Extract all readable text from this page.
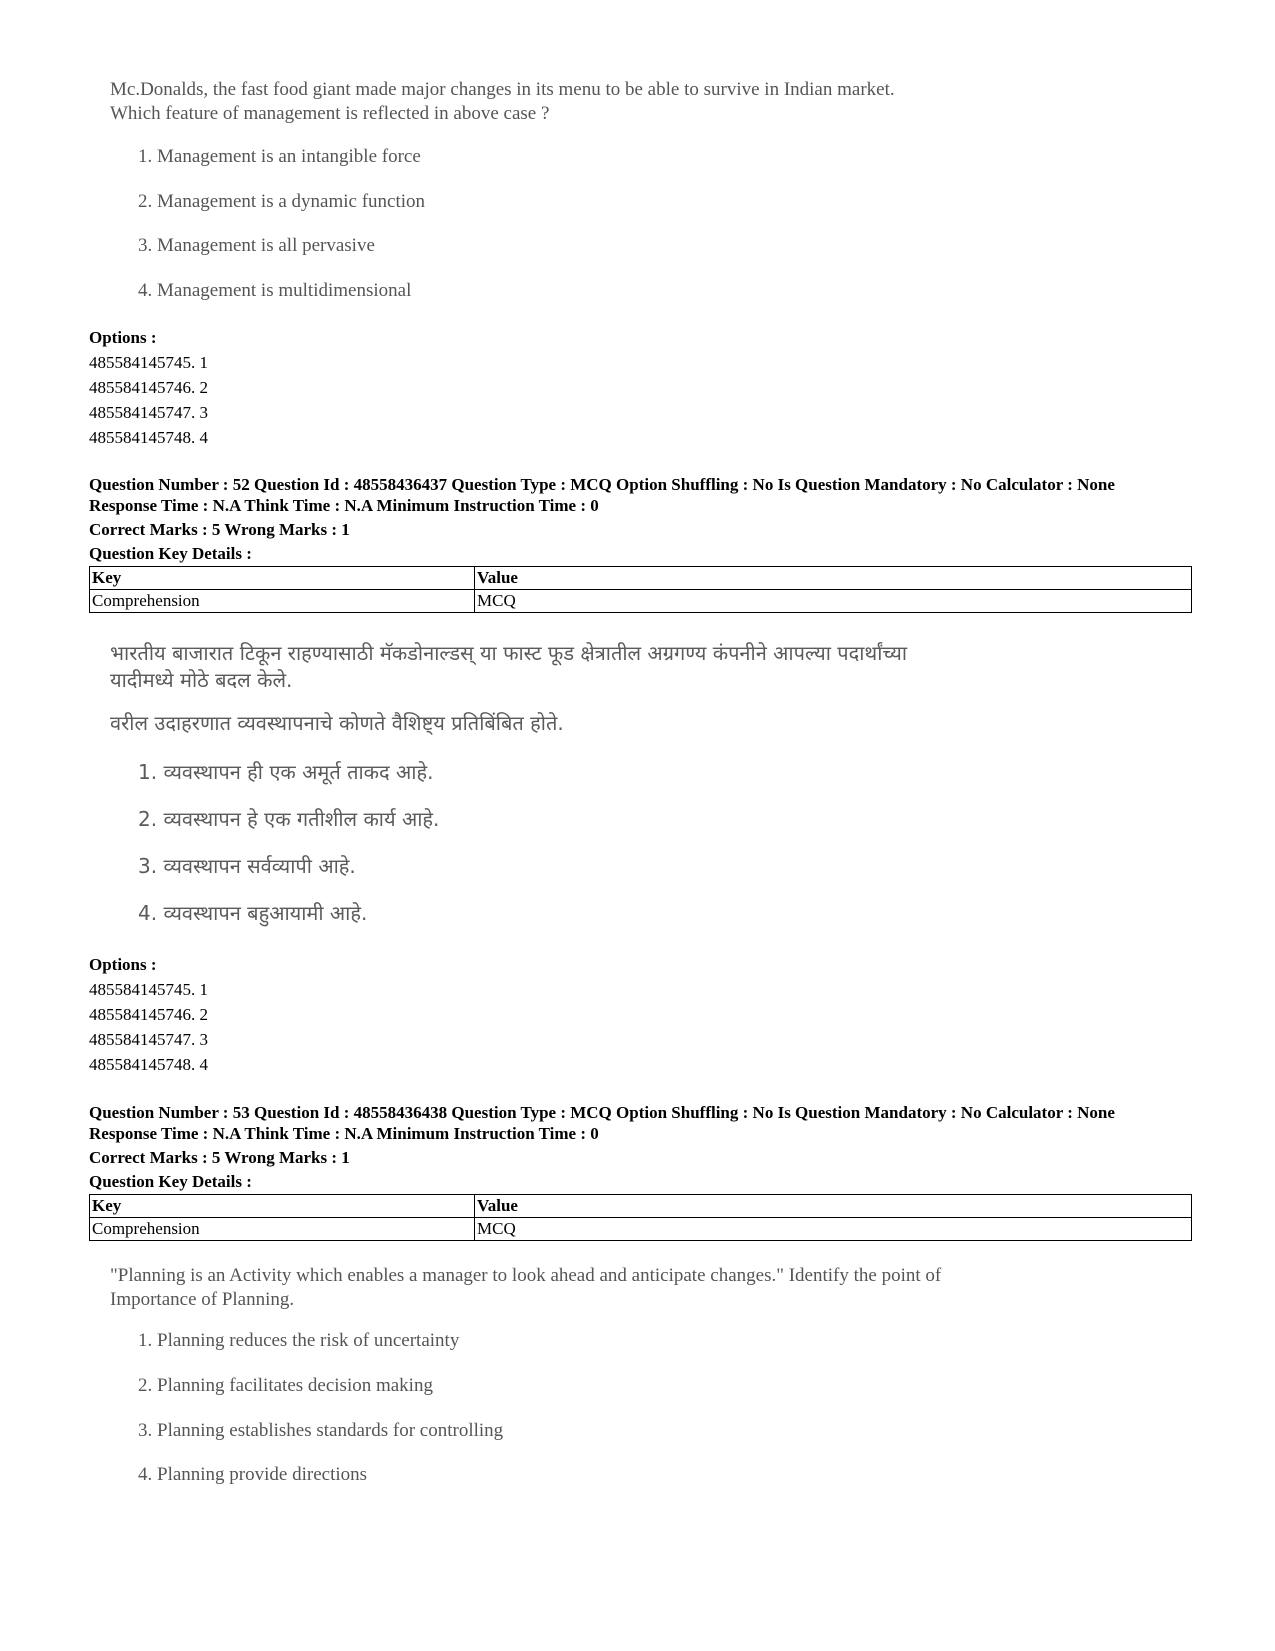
Mc.Donalds, the fast food giant made major changes in its menu to be able to survive in Indian market.

Which feature of management is reflected in above case ?

1. Management is an intangible force
2. Management is a dynamic function
3. Management is all pervasive
4. Management is multidimensional
Options :
485584145745. 1
485584145746. 2
485584145747. 3
485584145748. 4
Question Number : 52 Question Id : 48558436437 Question Type : MCQ Option Shuffling : No Is Question Mandatory : No Calculator : None
Response Time : N.A Think Time : N.A Minimum Instruction Time : 0
Correct Marks : 5 Wrong Marks : 1
Question Key Details :
Key	Value
Comprehension	MCQ

भारतीय बाजारात टिकून राहण्यासाठी मॅकडोनाल्डस् या फास्ट फूड क्षेत्रातील अग्रगण्य कंपनीने आपल्या पदार्थांच्या

यादीमध्ये मोठे बदल केले.

वरील उदाहरणात व्यवस्थापनाचे कोणते वैशिष्ट्य प्रतिबिंबित होते.

1. व्यवस्थापन ही एक अमूर्त ताकद आहे.
2. व्यवस्थापन हे एक गतीशील कार्य आहे.
3. व्यवस्थापन सर्वव्यापी आहे.
4. व्यवस्थापन बहुआयामी आहे.
Options :
485584145745. 1
485584145746. 2
485584145747. 3
485584145748. 4
Question Number : 53 Question Id : 48558436438 Question Type : MCQ Option Shuffling : No Is Question Mandatory : No Calculator : None
Response Time : N.A Think Time : N.A Minimum Instruction Time : 0
Correct Marks : 5 Wrong Marks : 1
Question Key Details :
Key	Value
Comprehension	MCQ

"Planning is an Activity which enables a manager to look ahead and anticipate changes." Identify the point of

Importance of Planning.

1. Planning reduces the risk of uncertainty
2. Planning facilitates decision making
3. Planning establishes standards for controlling
4. Planning provide directions
